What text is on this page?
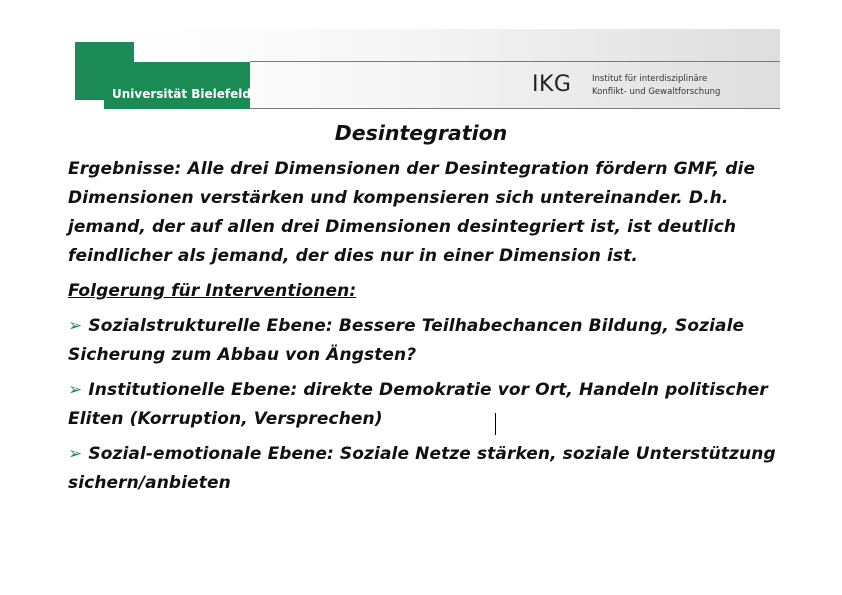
Universität Bielefeld	IKG Institut für interdisziplinäre
Konflikt- und Gewaltforschung
Desintegration

Ergebnisse: Alle drei Dimensionen der Desintegration fördern GMF, die Dimensionen verstärken und kompensieren sich untereinander. D.h. jemand, der auf allen drei Dimensionen desintegriert ist, ist deutlich feindlicher als jemand, der dies nur in einer Dimension ist.

Folgerung für Interventionen:

➢ Sozialstrukturelle Ebene: Bessere Teilhabechancen Bildung, Soziale Sicherung zum Abbau von Ängsten?

➢ Institutionelle Ebene: direkte Demokratie vor Ort, Handeln politischer Eliten (Korruption, Versprechen)

➢ Sozial-emotionale Ebene: Soziale Netze stärken, soziale Unterstützung sichern/anbieten
